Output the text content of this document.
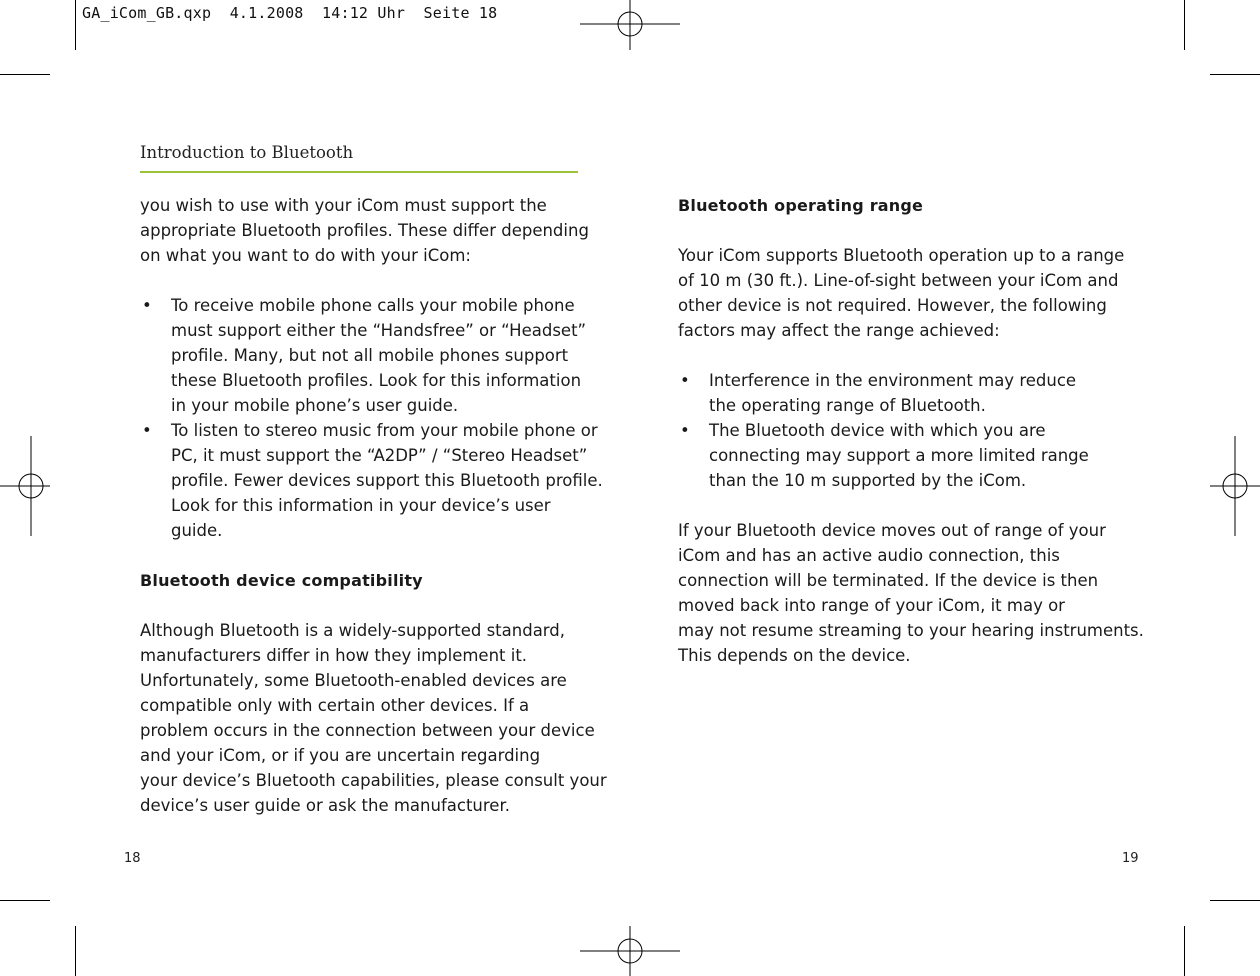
GA_iCom_GB.qxp  4.1.2008  14:12 Uhr  Seite 18
Introduction to Bluetooth

you wish to use with your iCom must support the
appropriate Bluetooth profiles. These differ depending
on what you want to do with your iCom:

•	To receive mobile phone calls your mobile phone
must support either the “Handsfree” or “Headset”
profile. Many, but not all mobile phones support
these Bluetooth profiles. Look for this information
in your mobile phone’s user guide.
•	To listen to stereo music from your mobile phone or
PC, it must support the “A2DP” / “Stereo Headset”
profile. Fewer devices support this Bluetooth profile.
Look for this information in your device’s user
guide.

Bluetooth device compatibility

Although Bluetooth is a widely-supported standard,
manufacturers differ in how they implement it.
Unfortunately, some Bluetooth-enabled devices are
compatible only with certain other devices. If a
problem occurs in the connection between your device
and your iCom, or if you are uncertain regarding
your device’s Bluetooth capabilities, please consult your
device’s user guide or ask the manufacturer.

Bluetooth operating range

Your iCom supports Bluetooth operation up to a range
of 10 m (30 ft.). Line-of-sight between your iCom and
other device is not required. However, the following
factors may affect the range achieved:

•	Interference in the environment may reduce
the operating range of Bluetooth.
•	The Bluetooth device with which you are
connecting may support a more limited range
than the 10 m supported by the iCom.

If your Bluetooth device moves out of range of your
iCom and has an active audio connection, this
connection will be terminated. If the device is then
moved back into range of your iCom, it may or
may not resume streaming to your hearing instruments.
This depends on the device.

18	19
